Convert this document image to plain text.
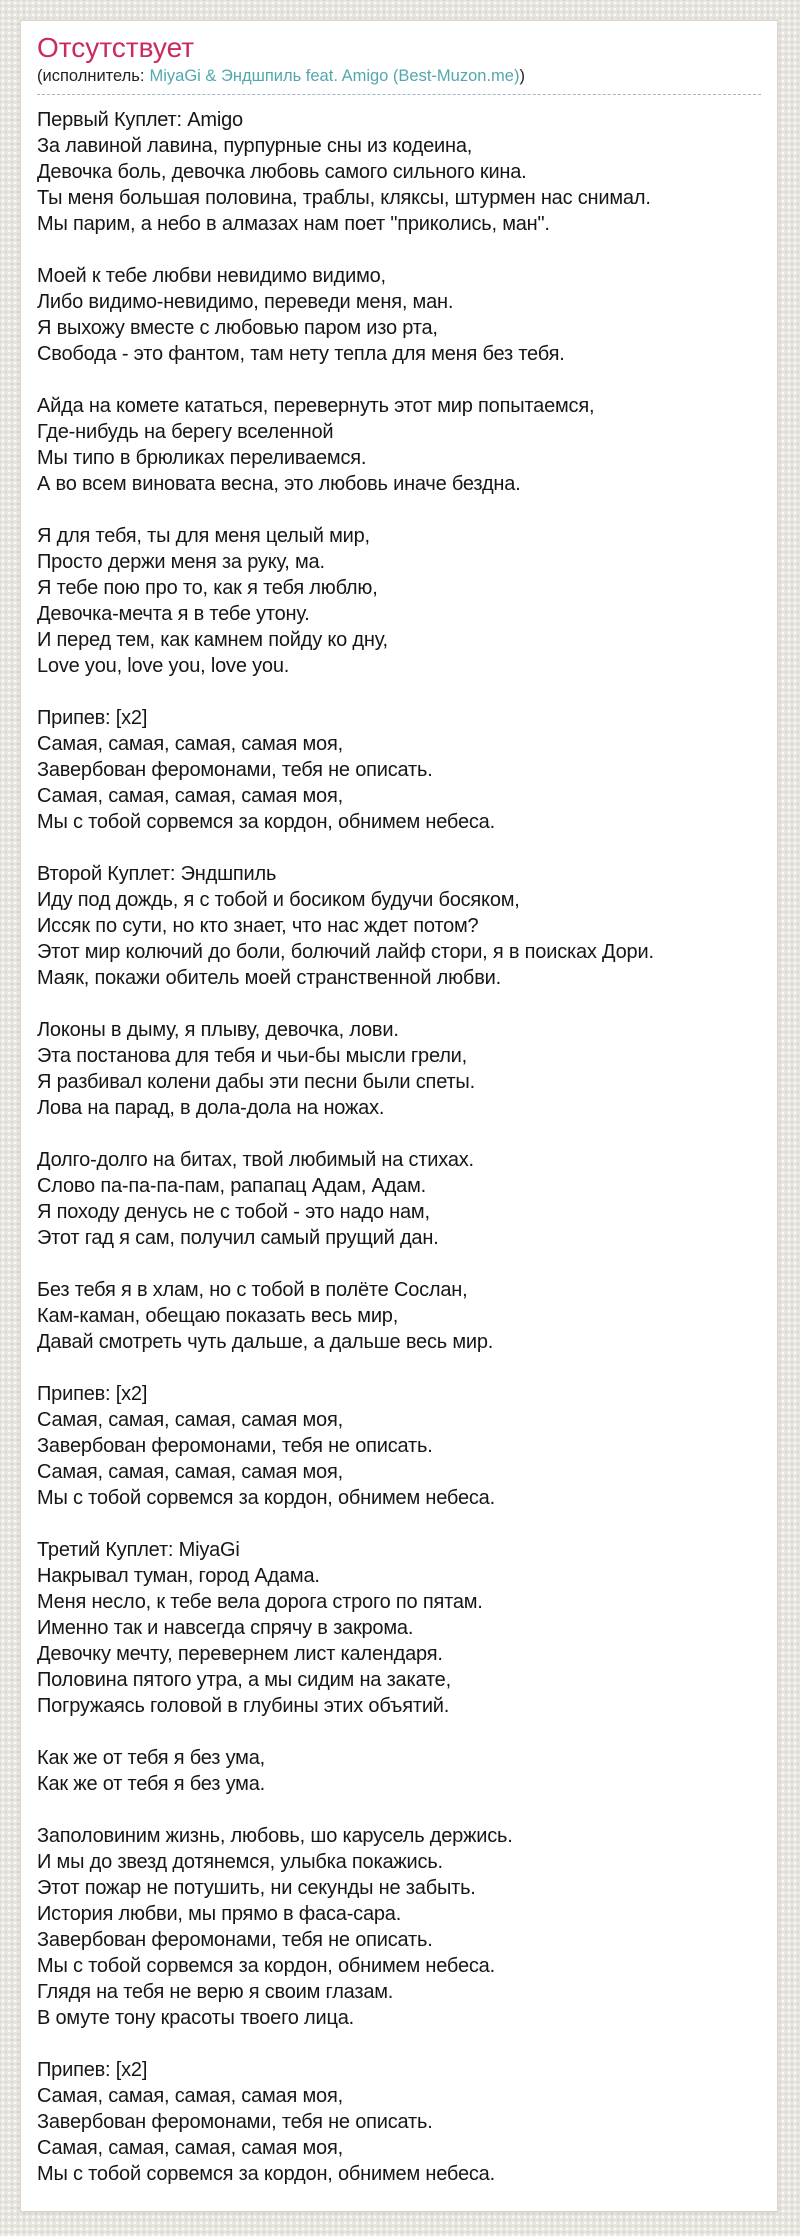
Отсутствует
(исполнитель: MiyaGi & Эндшпиль feat. Amigo (Best-Muzon.me))
Первый Куплет: Amigo
За лавиной лавина, пурпурные сны из кодеина,
Девочка боль, девочка любовь самого сильного кина.
Ты меня большая половина, траблы, кляксы, штурмен нас снимал.
Мы парим, а небо в алмазах нам поет "приколись, ман".
Моей к тебе любви невидимо видимо,
Либо видимо-невидимо, переведи меня, ман.
Я выхожу вместе с любовью паром изо рта,
Свобода - это фантом, там нету тепла для меня без тебя.
Айда на комете кататься, перевернуть этот мир попытаемся,
Где-нибудь на берегу вселенной
Мы типо в брюликах переливаемся.
А во всем виновата весна, это любовь иначе бездна.
Я для тебя, ты для меня целый мир,
Просто держи меня за руку, ма.
Я тебе пою про то, как я тебя люблю,
Девочка-мечта я в тебе утону.
И перед тем, как камнем пойду ко дну,
Love you, love you, love you.
Припев: [x2]
Самая, самая, самая, самая моя,
Завербован феромонами, тебя не описать.
Самая, самая, самая, самая моя,
Мы с тобой сорвемся за кордон, обнимем небеса.
Второй Куплет: Эндшпиль
Иду под дождь, я с тобой и босиком будучи босяком,
Иссяк по сути, но кто знает, что нас ждет потом?
Этот мир колючий до боли, болючий лайф стори, я в поисках Дори.
Маяк, покажи обитель моей странственной любви.
Локоны в дыму, я плыву, девочка, лови.
Эта постанова для тебя и чьи-бы мысли грели,
Я разбивал колени дабы эти песни были спеты.
Лова на парад, в дола-дола на ножах.
Долго-долго на битах, твой любимый на стихах.
Слово па-па-па-пам, рапапац Адам, Адам.
Я походу денусь не с тобой - это надо нам,
Этот гад я сам, получил самый прущий дан.
Без тебя я в хлам, но с тобой в полёте Сослан,
Кам-каман, обещаю показать весь мир,
Давай смотреть чуть дальше, а дальше весь мир.
Припев: [x2]
Самая, самая, самая, самая моя,
Завербован феромонами, тебя не описать.
Самая, самая, самая, самая моя,
Мы с тобой сорвемся за кордон, обнимем небеса.
Третий Куплет: MiyaGi
Накрывал туман, город Адама.
Меня несло, к тебе вела дорога строго по пятам.
Именно так и навсегда спрячу в закрома.
Девочку мечту, перевернем лист календаря.
Половина пятого утра, а мы сидим на закате,
Погружаясь головой в глубины этих объятий.
Как же от тебя я без ума,
Как же от тебя я без ума.
Заполовиним жизнь, любовь, шо карусель держись.
И мы до звезд дотянемся, улыбка покажись.
Этот пожар не потушить, ни секунды не забыть.
История любви, мы прямо в фаса-сара.
Завербован феромонами, тебя не описать.
Мы с тобой сорвемся за кордон, обнимем небеса.
Глядя на тебя не верю я своим глазам.
В омуте тону красоты твоего лица.
Припев: [x2]
Самая, самая, самая, самая моя,
Завербован феромонами, тебя не описать.
Самая, самая, самая, самая моя,
Мы с тобой сорвемся за кордон, обнимем небеса.
